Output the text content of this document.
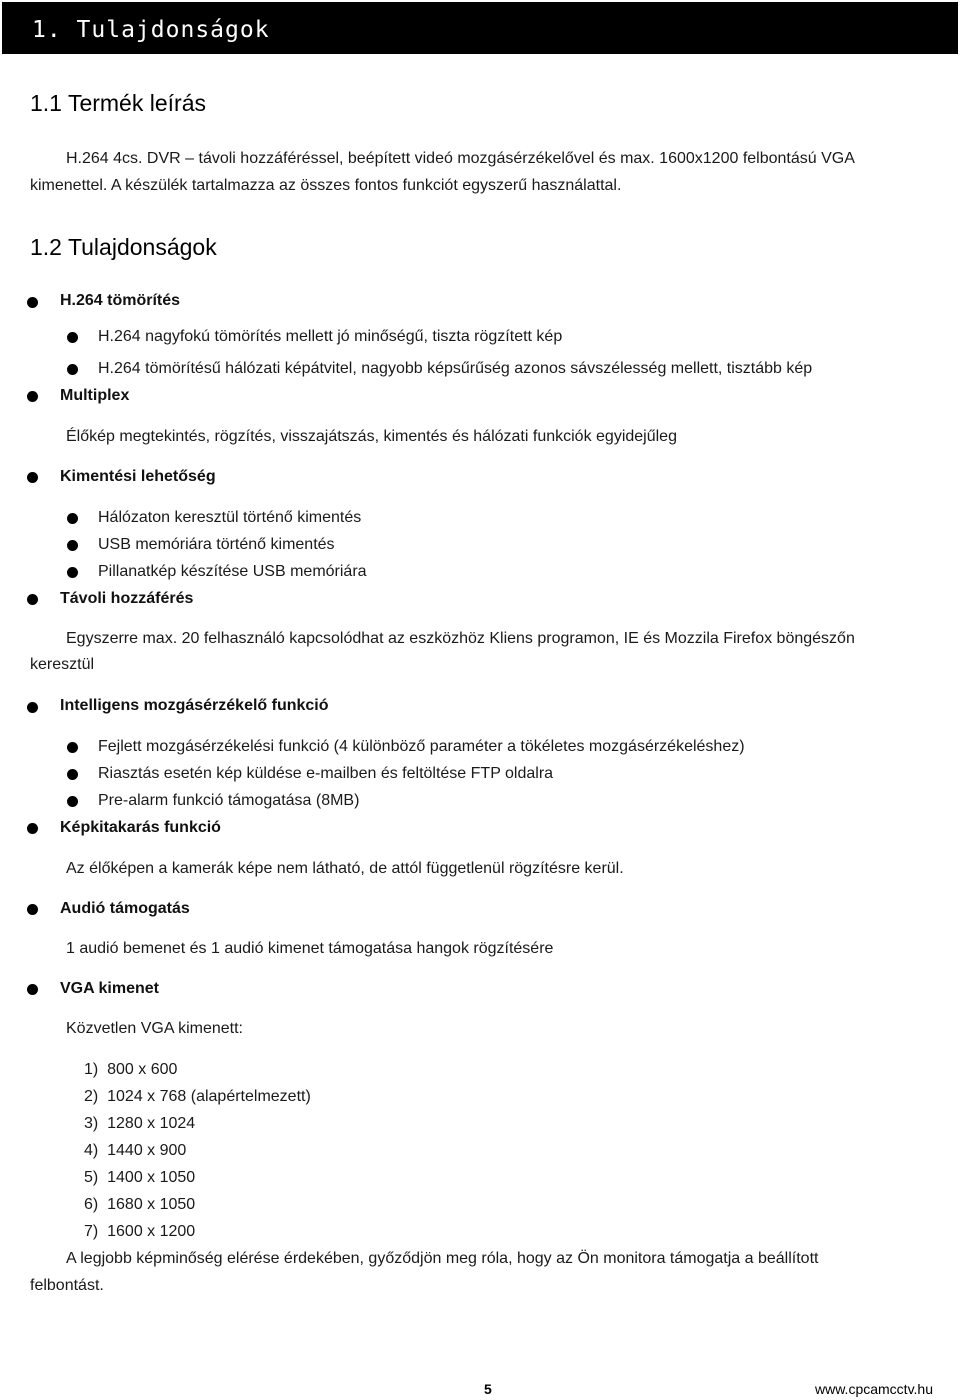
1. Tulajdonságok
1.1 Termék leírás
H.264 4cs. DVR – távoli hozzáféréssel, beépített videó mozgásérzékelővel és max. 1600x1200 felbontású VGA
kimenettel. A készülék tartalmazza az összes fontos funkciót egyszerű használattal.
1.2 Tulajdonságok
H.264 tömörítés
H.264 nagyfokú tömörítés mellett jó minőségű, tiszta rögzített kép
H.264 tömörítésű hálózati képátvitel, nagyobb képsűrűség azonos sávszélesség mellett, tisztább kép
Multiplex
Élőkép megtekintés, rögzítés, visszajátszás, kimentés és hálózati funkciók egyidejűleg
Kimentési lehetőség
Hálózaton keresztül történő kimentés
USB memóriára történő kimentés
Pillanatkép készítése USB memóriára
Távoli hozzáférés
Egyszerre max. 20 felhasználó kapcsolódhat az eszközhöz Kliens programon, IE és Mozzila Firefox böngészőn
keresztül
Intelligens mozgásérzékelő funkció
Fejlett mozgásérzékelési funkció (4 különböző paraméter a tökéletes mozgásérzékeléshez)
Riasztás esetén kép küldése e-mailben és feltöltése FTP oldalra
Pre-alarm funkció támogatása (8MB)
Képkitakarás funkció
Az élőképen a kamerák képe nem látható, de attól függetlenül rögzítésre kerül.
Audió támogatás
1 audió bemenet és 1 audió kimenet támogatása hangok rögzítésére
VGA kimenet
Közvetlen VGA kimenett:
1)  800 x 600
2)  1024 x 768 (alapértelmezett)
3)  1280 x 1024
4)  1440 x 900
5)  1400 x 1050
6)  1680 x 1050
7)  1600 x 1200
A legjobb képminőség elérése érdekében, győződjön meg róla, hogy az Ön monitora támogatja a beállított
felbontást.
5	www.cpcamcctv.hu
